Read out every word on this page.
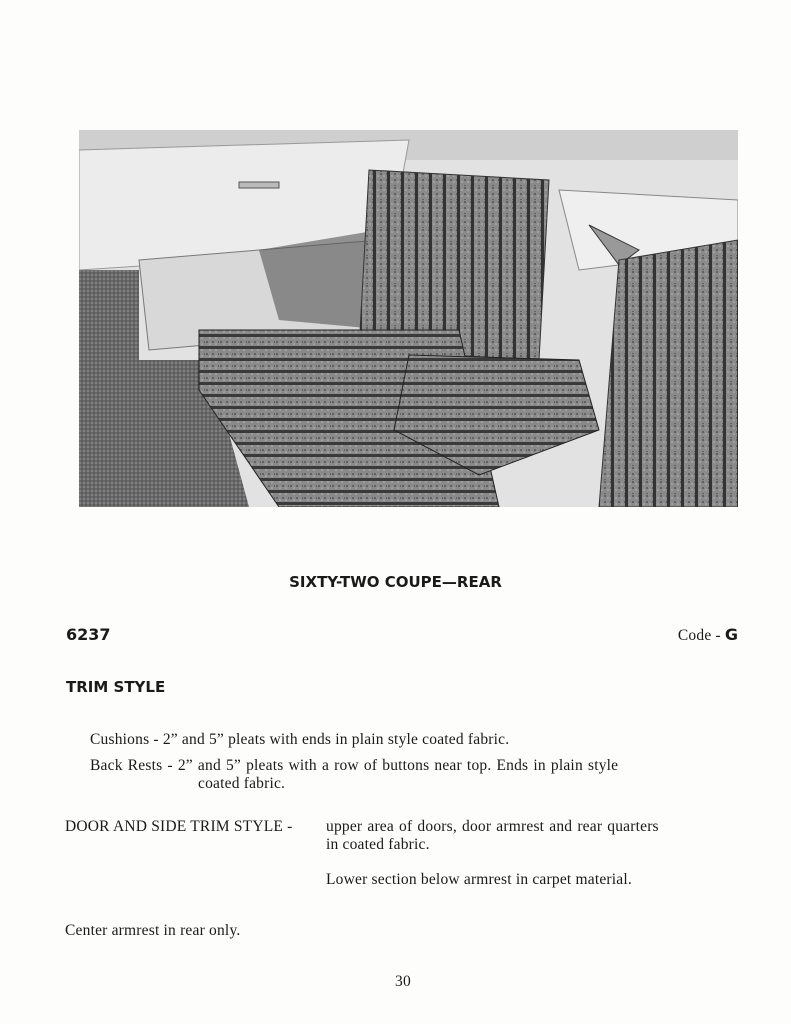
SIXTY-TWO COUPE—REAR
6237	Code - G
TRIM STYLE
Cushions - 2” and 5” pleats with ends in plain style coated fabric.
Back Rests - 2” and 5” pleats with a row of buttons near top. Ends in plain style
coated fabric.
DOOR AND SIDE TRIM STYLE - upper area of doors, door armrest and rear quarters
in coated fabric.
Lower section below armrest in carpet material.
Center armrest in rear only.
30
